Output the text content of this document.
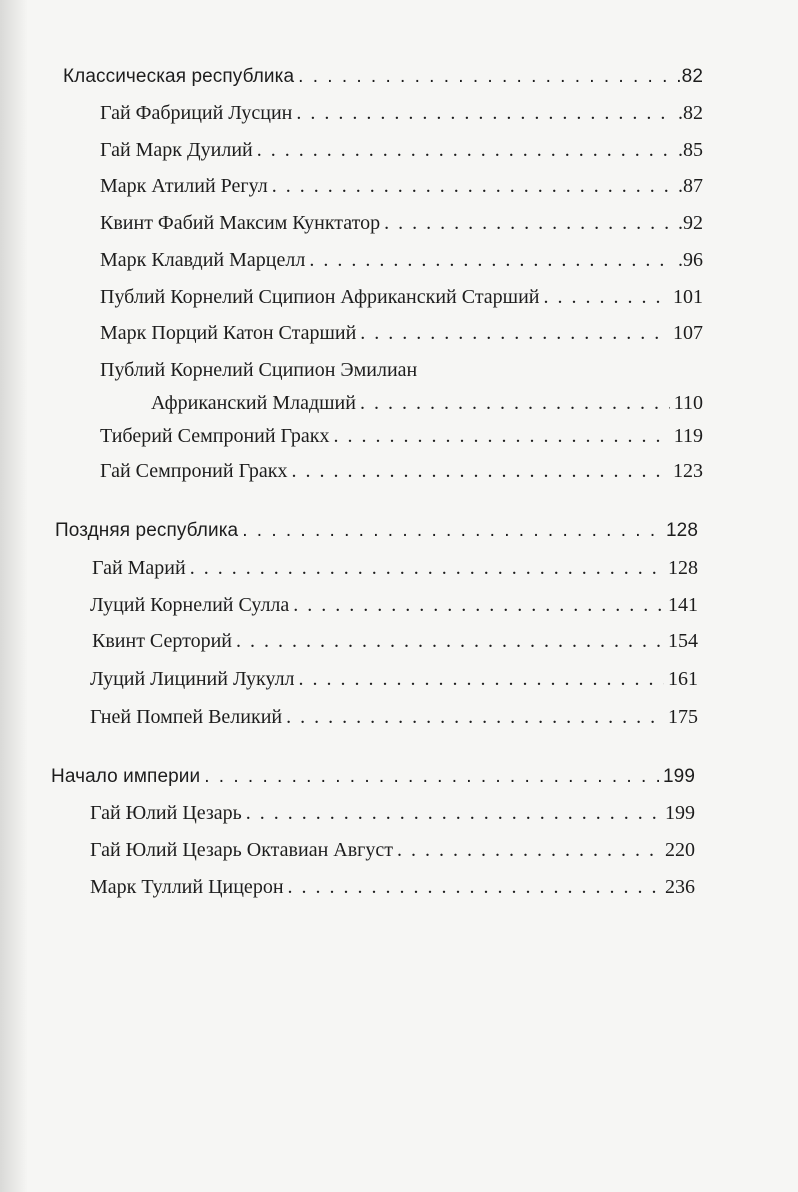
Классическая республика . . .	.82
Гай Фабриций Лусцин . . .	.82
Гай Марк Дуилий . . .	.85
Марк Атилий Регул . . .	.87
Квинт Фабий Максим Кунктатор . . .	.92
Марк Клавдий Марцелл . . .	.96
Публий Корнелий Сципион Африканский Старший . . .	101
Марк Порций Катон Старший . . .	107
Публий Корнелий Сципион Эмилиан
Африканский Младший . . .	110
Тиберий Семпроний Гракх . . .	119
Гай Семпроний Гракх . . .	123
Поздняя республика . . .	128
Гай Марий . . .	128
Луций Корнелий Сулла . . .	141
Квинт Серторий . . .	154
Луций Лициний Лукулл . . .	161
Гней Помпей Великий . . .	175
Начало империи . . .	199
Гай Юлий Цезарь . . .	199
Гай Юлий Цезарь Октавиан Август . . .	220
Марк Туллий Цицерон . . .	236
